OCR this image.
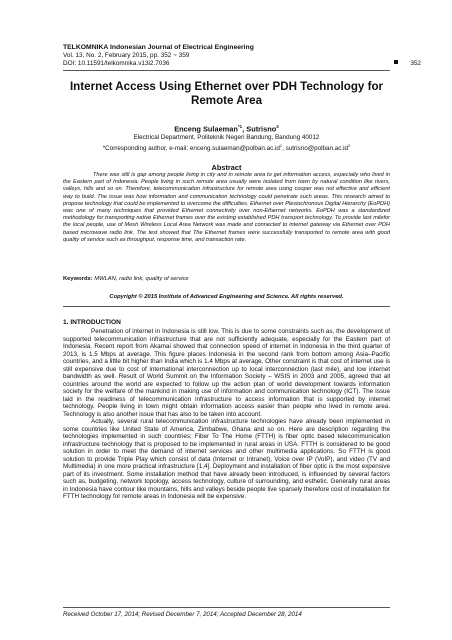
TELKOMNIKA Indonesian Journal of Electrical Engineering
Vol. 13, No. 2, February 2015, pp. 352 ~ 359
DOI: 10.11591/telkomnika.v13i2.7036	352
Internet Access Using Ethernet over PDH Technology for Remote Area
Enceng Sulaeman$^{*1}$, Sutrisno$^2$
Electrical Department, Politeknik Negeri Bandung, Bandung 40012
*Corresponding author, e-mail: $enceng.sulaeman@polban.ac.id^1$, $sutrisno@polban.ac.id^2$
Abstract
There was still is gap among people living in city and in remote area to get information access, especially who lived in the Eastern part of Indonesia. People living in such remote area usually were isolated from town by natural condition like rivers, valleys, hills and so on. Therefore, telecommunication infrastructure for remote area using cooper was not effective and efficient way to build. The issue was how information and communication technology could penetrate such areas. This research aimed to propose technology that could be implemented to overcome the difficulties. Ethernet over Plesiochronous Digital Hierarchy (EoPDH) was one of many techniques that provided Ethernet connectivity over non-Ethernet networks. EoPDH was a standardized methodology for transporting native Ethernet frames over the existing established PDH transport technology. To provide last milefor the local people, use of Mesh Wireless Local Area Network was made and connected to internet gateway via Ethernet over PDH based microwave radio link. The test showed that The Ethernet frames were successfully transported to remote area with good quality of service such as throughput, response time, and transaction rate.
Keywords: MWLAN, radio link, quality of service
Copyright © 2015 Institute of Advanced Engineering and Science. All rights reserved.
1. INTRODUCTION

Penetration of internet in Indonesia is still low. This is due to some constraints such as, the development of supported telecommunication infrastructure that are not sufficiently adequate, especially for the Eastern part of Indonesia. Recent report from Akamai showed that connection speed of internet in Indonesia in the third quarter of 2013, is 1.5 Mbps at average. This figure places Indonesia in the second rank from bottom among Asia–Pacific countries, and a little bit higher than India which is 1.4 Mbps at average. Other constraint is that cost of internet use is still expensive due to cost of international interconnection up to local interconnection (last mile), and low internet bandwidth as well. Result of World Summit on the Information Society – WSIS in 2003 and 2005, agreed that all countries around the world are expected to follow up the action plan of world development towards information society for the welfare of the mankind in making use of information and communication technology (ICT). The issue laid in the readiness of telecommunication infrastructure to access information that is supported by internet technology. People living in town might obtain information access easier than people who lived in remote area. Technology is also another issue that has also to be taken into account.

Actually, several rural telecommunication infrastructure technologies have already been implemented in some countries like United State of America, Zimbabwe, Ghana and so on. Here are description regarding the technologies implemented in such countries; Fiber To The Home (FTTH) is fiber optic based telecommunication infrastructure technology that is proposed to be implemented in rural areas in USA. FTTH is considered to be good solution in order to meet the demand of internet services and other multimedia applications. So FTTH is good solution to provide Triple Play which consist of data (Internet or Intranet), Voice over IP (VoIP), and video (TV and Multimedia) in one more practical infrastructure [1,4]. Deployment and installation of fiber optic is the most expensive part of its investment. Some installation method that have already been introduced, is influenced by several factors such as, budgeting, network topology, access technology, culture of surrounding, and esthetic. Generally rural areas in Indonesia have contour like mountains, hills and valleys beside people live sparsely therefore cost of installation for FTTH technology for remote areas in Indonesia will be expensive.

Received October 17, 2014; Revised December 7, 2014; Accepted December 28, 2014
